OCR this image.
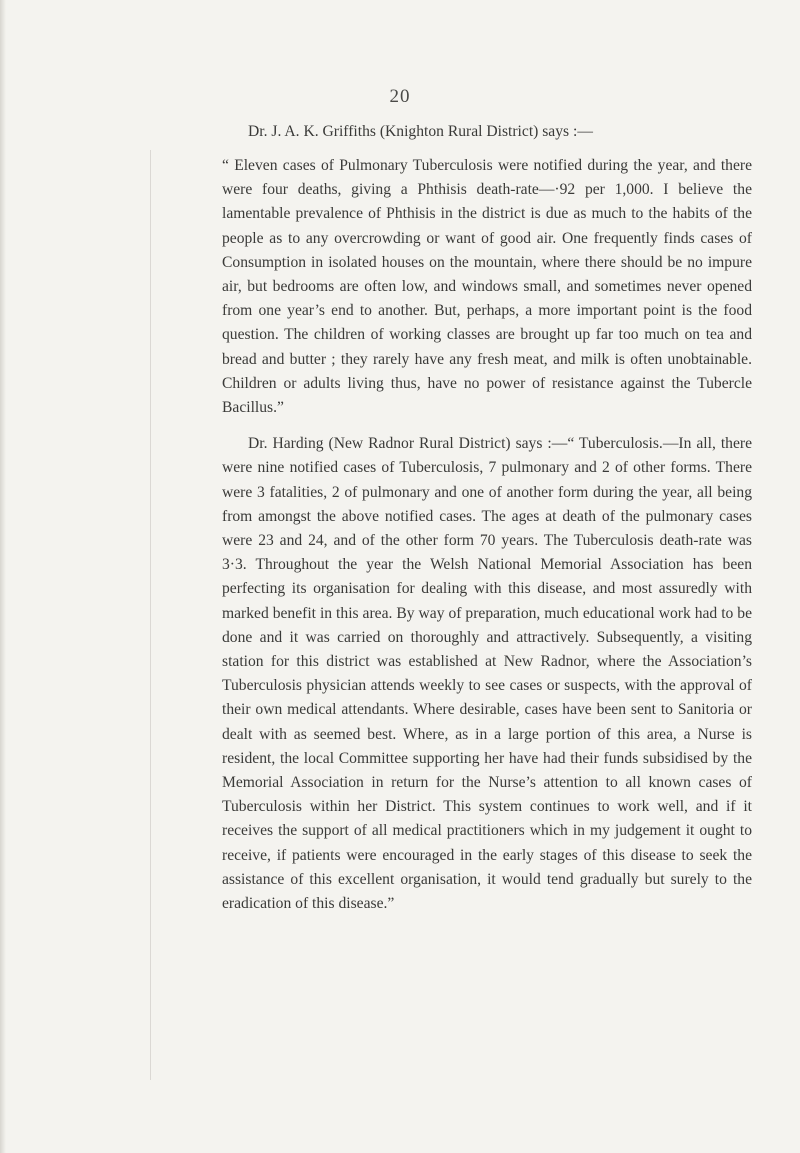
20

Dr. J. A. K. Griffiths (Knighton Rural District) says :—

“ Eleven cases of Pulmonary Tuberculosis were notified during the year, and there were four deaths, giving a Phthisis death-rate—·92 per 1,000. I believe the lamentable prevalence of Phthisis in the district is due as much to the habits of the people as to any overcrowding or want of good air. One frequently finds cases of Consumption in isolated houses on the mountain, where there should be no impure air, but bedrooms are often low, and windows small, and sometimes never opened from one year’s end to another. But, perhaps, a more important point is the food question. The children of working classes are brought up far too much on tea and bread and butter ; they rarely have any fresh meat, and milk is often unobtainable. Children or adults living thus, have no power of resistance against the Tubercle Bacillus.”

Dr. Harding (New Radnor Rural District) says :—“ Tuberculosis.—In all, there were nine notified cases of Tuberculosis, 7 pulmonary and 2 of other forms. There were 3 fatalities, 2 of pulmonary and one of another form during the year, all being from amongst the above notified cases. The ages at death of the pulmonary cases were 23 and 24, and of the other form 70 years. The Tuberculosis death-rate was 3·3. Throughout the year the Welsh National Memorial Association has been perfecting its organisation for dealing with this disease, and most assuredly with marked benefit in this area. By way of preparation, much educational work had to be done and it was carried on thoroughly and attractively. Subsequently, a visiting station for this district was established at New Radnor, where the Association’s Tuberculosis physician attends weekly to see cases or suspects, with the approval of their own medical attendants. Where desirable, cases have been sent to Sanitoria or dealt with as seemed best. Where, as in a large portion of this area, a Nurse is resident, the local Committee supporting her have had their funds subsidised by the Memorial Association in return for the Nurse’s attention to all known cases of Tuberculosis within her District. This system continues to work well, and if it receives the support of all medical practitioners which in my judgement it ought to receive, if patients were encouraged in the early stages of this disease to seek the assistance of this excellent organisation, it would tend gradually but surely to the eradication of this disease.”
